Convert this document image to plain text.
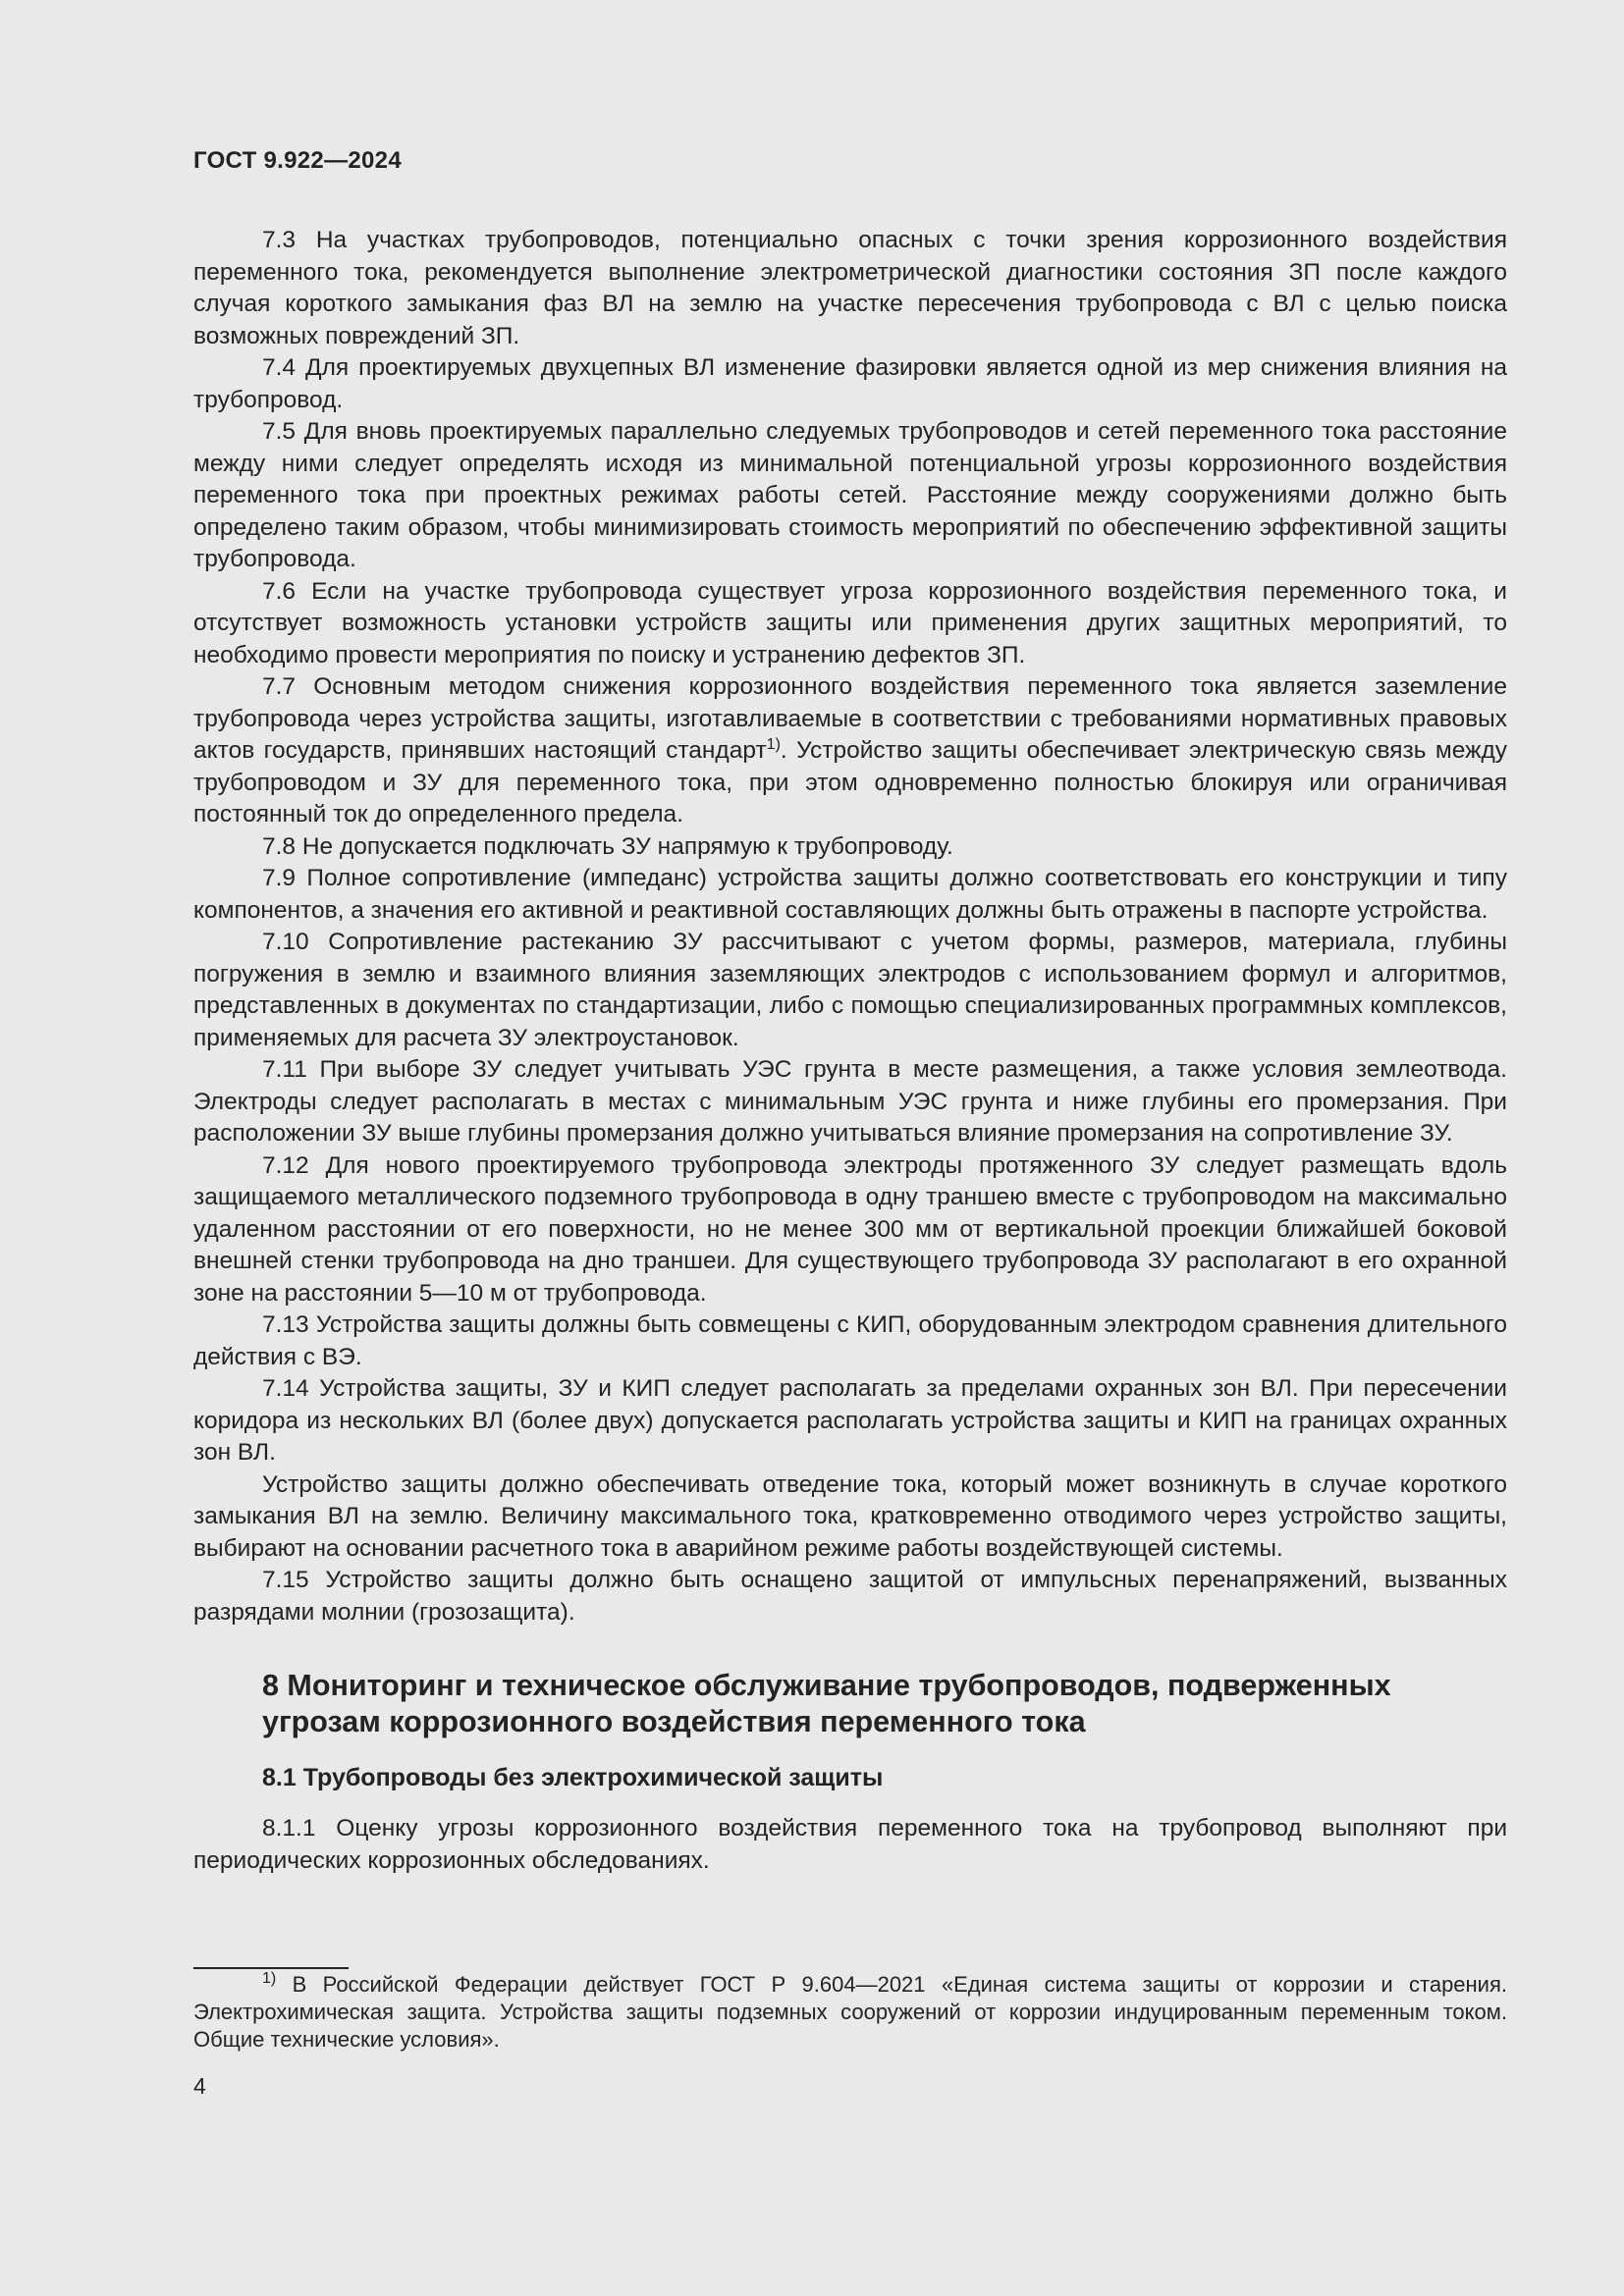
ГОСТ 9.922—2024

7.3 На участках трубопроводов, потенциально опасных с точки зрения коррозионного воздействия переменного тока, рекомендуется выполнение электрометрической диагностики состояния ЗП после каждого случая короткого замыкания фаз ВЛ на землю на участке пересечения трубопровода с ВЛ с целью поиска возможных повреждений ЗП.

7.4 Для проектируемых двухцепных ВЛ изменение фазировки является одной из мер снижения влияния на трубопровод.

7.5 Для вновь проектируемых параллельно следуемых трубопроводов и сетей переменного тока расстояние между ними следует определять исходя из минимальной потенциальной угрозы коррозионного воздействия переменного тока при проектных режимах работы сетей. Расстояние между сооружениями должно быть определено таким образом, чтобы минимизировать стоимость мероприятий по обеспечению эффективной защиты трубопровода.

7.6 Если на участке трубопровода существует угроза коррозионного воздействия переменного тока, и отсутствует возможность установки устройств защиты или применения других защитных мероприятий, то необходимо провести мероприятия по поиску и устранению дефектов ЗП.

7.7 Основным методом снижения коррозионного воздействия переменного тока является заземление трубопровода через устройства защиты, изготавливаемые в соответствии с требованиями нормативных правовых актов государств, принявших настоящий стандарт$^{1)}$. Устройство защиты обеспечивает электрическую связь между трубопроводом и ЗУ для переменного тока, при этом одновременно полностью блокируя или ограничивая постоянный ток до определенного предела.

7.8 Не допускается подключать ЗУ напрямую к трубопроводу.

7.9 Полное сопротивление (импеданс) устройства защиты должно соответствовать его конструкции и типу компонентов, а значения его активной и реактивной составляющих должны быть отражены в паспорте устройства.

7.10 Сопротивление растеканию ЗУ рассчитывают с учетом формы, размеров, материала, глубины погружения в землю и взаимного влияния заземляющих электродов с использованием формул и алгоритмов, представленных в документах по стандартизации, либо с помощью специализированных программных комплексов, применяемых для расчета ЗУ электроустановок.

7.11 При выборе ЗУ следует учитывать УЭС грунта в месте размещения, а также условия землеотвода. Электроды следует располагать в местах с минимальным УЭС грунта и ниже глубины его промерзания. При расположении ЗУ выше глубины промерзания должно учитываться влияние промерзания на сопротивление ЗУ.

7.12 Для нового проектируемого трубопровода электроды протяженного ЗУ следует размещать вдоль защищаемого металлического подземного трубопровода в одну траншею вместе с трубопроводом на максимально удаленном расстоянии от его поверхности, но не менее 300 мм от вертикальной проекции ближайшей боковой внешней стенки трубопровода на дно траншеи. Для существующего трубопровода ЗУ располагают в его охранной зоне на расстоянии 5—10 м от трубопровода.

7.13 Устройства защиты должны быть совмещены с КИП, оборудованным электродом сравнения длительного действия с ВЭ.

7.14 Устройства защиты, ЗУ и КИП следует располагать за пределами охранных зон ВЛ. При пересечении коридора из нескольких ВЛ (более двух) допускается располагать устройства защиты и КИП на границах охранных зон ВЛ.

Устройство защиты должно обеспечивать отведение тока, который может возникнуть в случае короткого замыкания ВЛ на землю. Величину максимального тока, кратковременно отводимого через устройство защиты, выбирают на основании расчетного тока в аварийном режиме работы воздействующей системы.

7.15 Устройство защиты должно быть оснащено защитой от импульсных перенапряжений, вызванных разрядами молнии (грозозащита).

8 Мониторинг и техническое обслуживание трубопроводов, подверженных угрозам коррозионного воздействия переменного тока
8.1 Трубопроводы без электрохимической защиты

8.1.1 Оценку угрозы коррозионного воздействия переменного тока на трубопровод выполняют при периодических коррозионных обследованиях.

$^{1)}$ В Российской Федерации действует ГОСТ Р 9.604—2021 «Единая система защиты от коррозии и старения. Электрохимическая защита. Устройства защиты подземных сооружений от коррозии индуцированным переменным током. Общие технические условия».

4
